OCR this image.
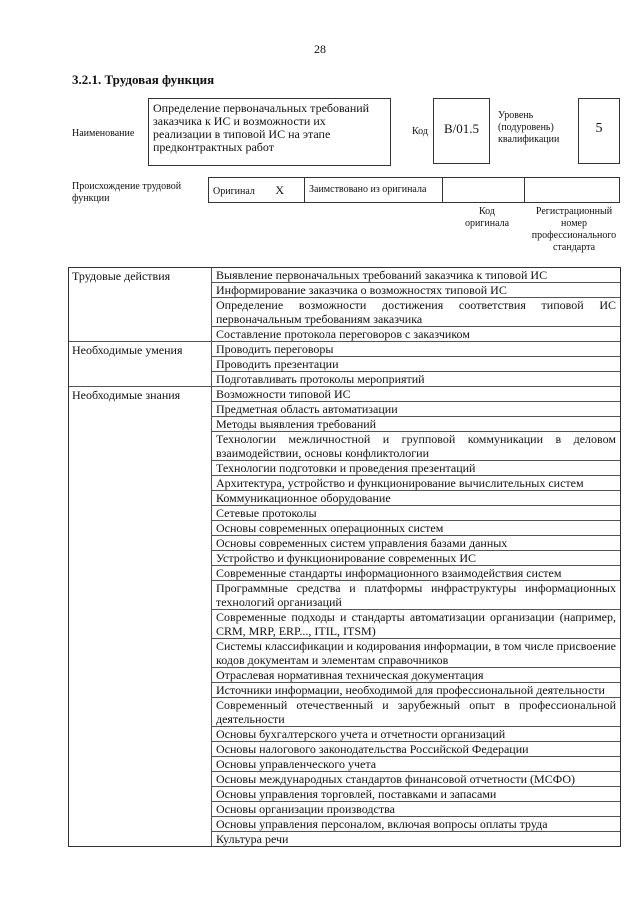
28
3.2.1. Трудовая функция
Наименование
Определение первоначальных требований заказчика к ИС и возможности их реализации в типовой ИС на этапе предконтрактных работ
Код	B/01.5
Уровень (подуровень) квалификации
5
Происхождение трудовой функции
Оригинал X	Заимствовано из оригинала
Код оригинала
Регистрационный номер профессионального стандарта
Трудовые действия	Выявление первоначальных требований заказчика к типовой ИС
Информирование заказчика о возможностях типовой ИС
Определение возможности достижения соответствия типовой ИС первоначальным требованиям заказчика
Составление протокола переговоров с заказчиком
Необходимые умения	Проводить переговоры
Проводить презентации
Подготавливать протоколы мероприятий
Необходимые знания	Возможности типовой ИС
Предметная область автоматизации
Методы выявления требований
Технологии межличностной и групповой коммуникации в деловом взаимодействии, основы конфликтологии
Технологии подготовки и проведения презентаций
Архитектура, устройство и функционирование вычислительных систем
Коммуникационное оборудование
Сетевые протоколы
Основы современных операционных систем
Основы современных систем управления базами данных
Устройство и функционирование современных ИС
Современные стандарты информационного взаимодействия систем
Программные средства и платформы инфраструктуры информационных технологий организаций
Современные подходы и стандарты автоматизации организации (например, CRM, MRP, ERP..., ITIL, ITSM)
Системы классификации и кодирования информации, в том числе присвоение кодов документам и элементам справочников
Отраслевая нормативная техническая документация
Источники информации, необходимой для профессиональной деятельности
Современный отечественный и зарубежный опыт в профессиональной деятельности
Основы бухгалтерского учета и отчетности организаций
Основы налогового законодательства Российской Федерации
Основы управленческого учета
Основы международных стандартов финансовой отчетности (МСФО)
Основы управления торговлей, поставками и запасами
Основы организации производства
Основы управления персоналом, включая вопросы оплаты труда
Культура речи
